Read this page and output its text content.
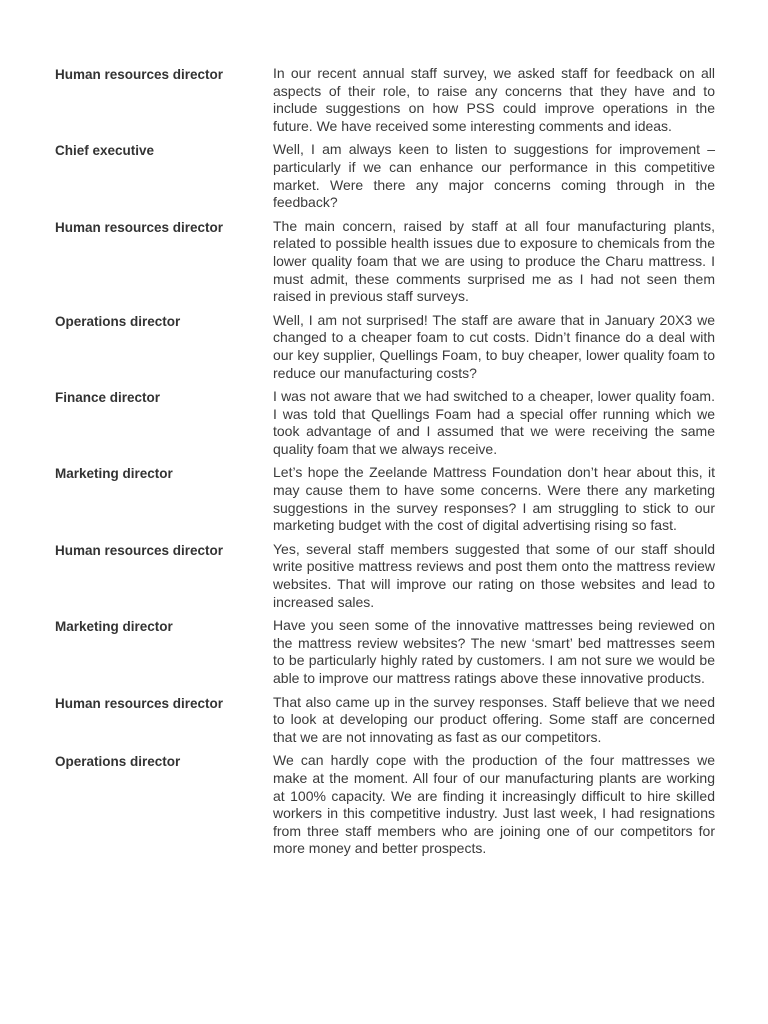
Human resources director	In our recent annual staff survey, we asked staff for feedback on all aspects of their role, to raise any concerns that they have and to include suggestions on how PSS could improve operations in the future. We have received some interesting comments and ideas.
Chief executive	Well, I am always keen to listen to suggestions for improvement – particularly if we can enhance our performance in this competitive market. Were there any major concerns coming through in the feedback?
Human resources director	The main concern, raised by staff at all four manufacturing plants, related to possible health issues due to exposure to chemicals from the lower quality foam that we are using to produce the Charu mattress. I must admit, these comments surprised me as I had not seen them raised in previous staff surveys.
Operations director	Well, I am not surprised! The staff are aware that in January 20X3 we changed to a cheaper foam to cut costs. Didn’t finance do a deal with our key supplier, Quellings Foam, to buy cheaper, lower quality foam to reduce our manufacturing costs?
Finance director	I was not aware that we had switched to a cheaper, lower quality foam. I was told that Quellings Foam had a special offer running which we took advantage of and I assumed that we were receiving the same quality foam that we always receive.
Marketing director	Let’s hope the Zeelande Mattress Foundation don’t hear about this, it may cause them to have some concerns. Were there any marketing suggestions in the survey responses? I am struggling to stick to our marketing budget with the cost of digital advertising rising so fast.
Human resources director	Yes, several staff members suggested that some of our staff should write positive mattress reviews and post them onto the mattress review websites. That will improve our rating on those websites and lead to increased sales.
Marketing director	Have you seen some of the innovative mattresses being reviewed on the mattress review websites? The new ‘smart’ bed mattresses seem to be particularly highly rated by customers. I am not sure we would be able to improve our mattress ratings above these innovative products.
Human resources director	That also came up in the survey responses. Staff believe that we need to look at developing our product offering. Some staff are concerned that we are not innovating as fast as our competitors.
Operations director	We can hardly cope with the production of the four mattresses we make at the moment. All four of our manufacturing plants are working at 100% capacity. We are finding it increasingly difficult to hire skilled workers in this competitive industry. Just last week, I had resignations from three staff members who are joining one of our competitors for more money and better prospects.
